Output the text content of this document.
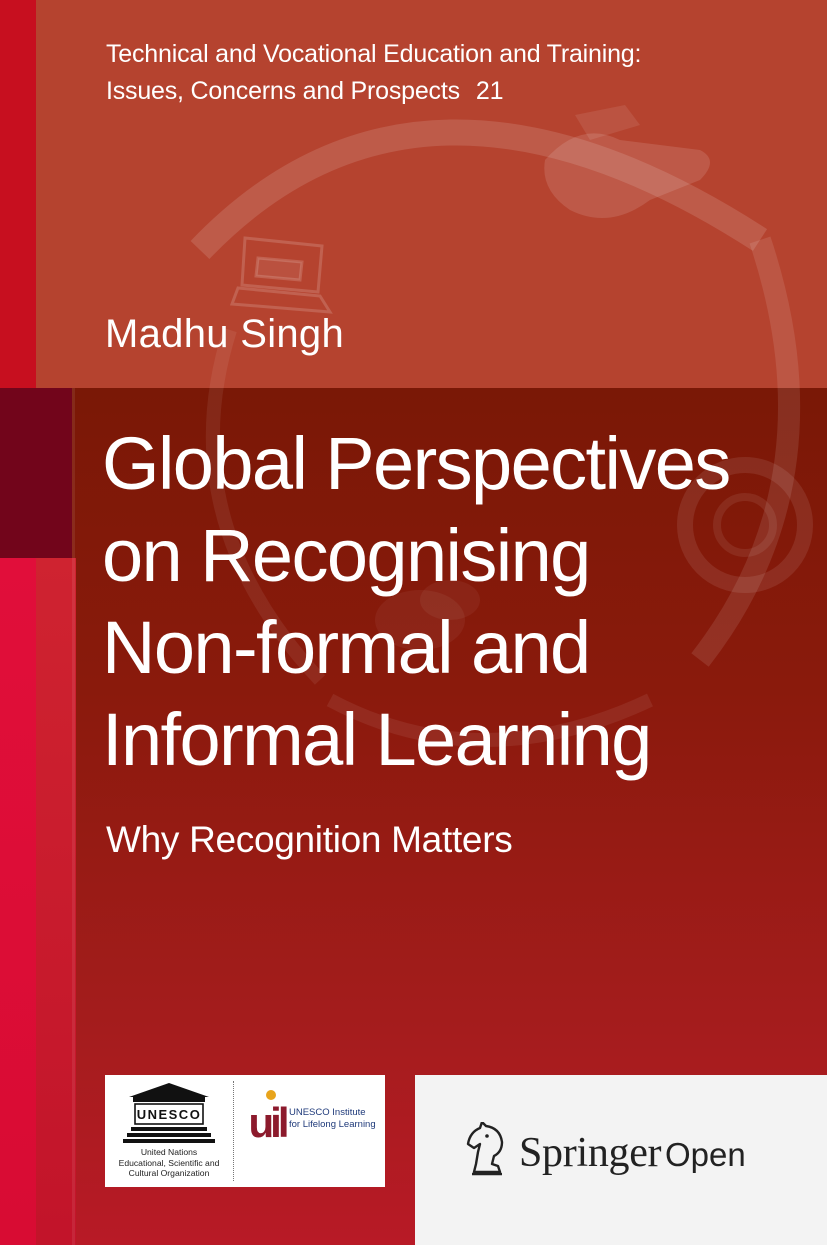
Technical and Vocational Education and Training:
Issues, Concerns and Prospects 21
Madhu Singh
Global Perspectives
on Recognising
Non-formal and
Informal Learning
Why Recognition Matters
UNESCO
United Nations
Educational, Scientific and
Cultural Organization
uil UNESCO Institute
for Lifelong Learning
Springer Open
